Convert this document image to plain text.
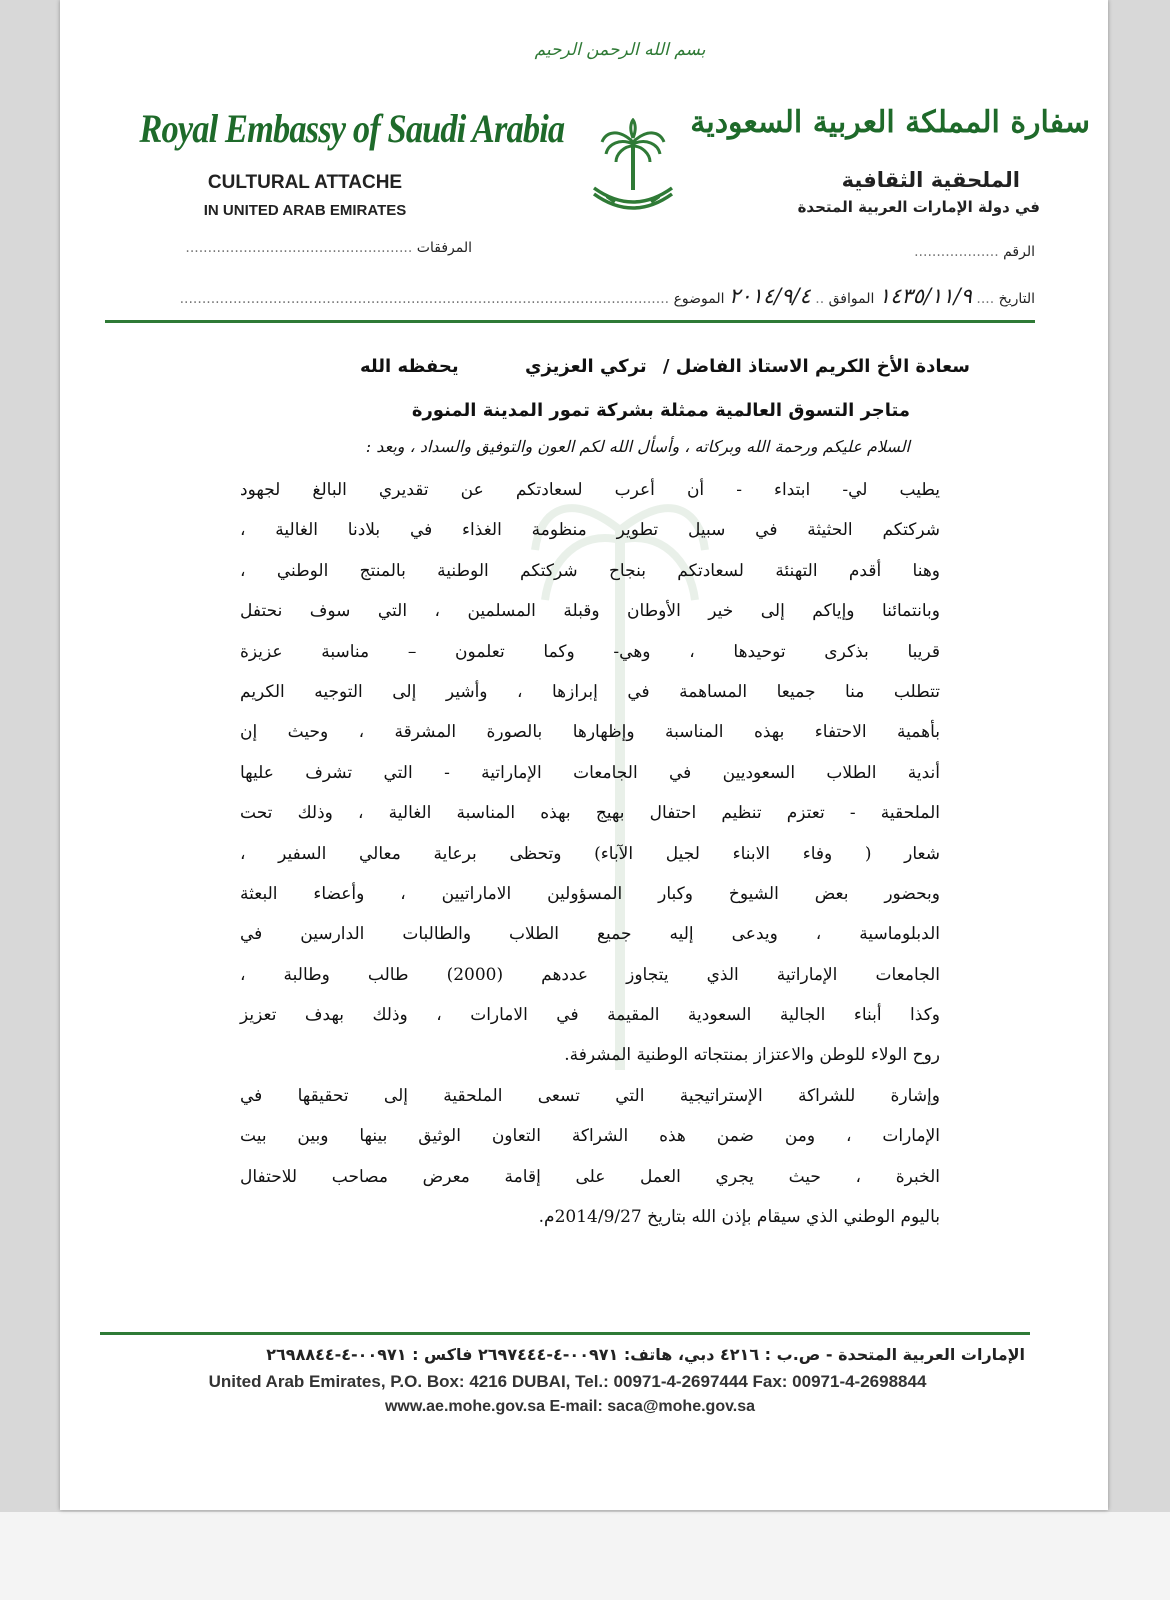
بسم الله الرحمن الرحيم
Royal Embassy of Saudi Arabia
CULTURAL ATTACHE
IN UNITED ARAB EMIRATES
سفارة المملكة العربية السعودية
الملحقية الثقافية
في دولة الإمارات العربية المتحدة
المرفقات ...................................................	الرقم ...................
التاريخ .... ١٤٣٥/١١/٩ الموافق .. ٢٠١٤/٩/٤ الموضوع ..............................................................................................................
سعادة الأخ الكريم الاستاذ الفاضل / تركي العزيزي
يحفظه الله
متاجر التسوق العالمية ممثلة بشركة تمور المدينة المنورة
السلام عليكم ورحمة الله وبركاته ، وأسأل الله لكم العون والتوفيق والسداد ، وبعد :
يطيب لي- ابتداء - أن أعرب لسعادتكم عن تقديري البالغ لجهود
شركتكم الحثيثة في سبيل تطوير منظومة الغذاء في بلادنا الغالية ،
وهنا أقدم التهنئة لسعادتكم بنجاح شركتكم الوطنية بالمنتج الوطني ،
وبانتمائنا وإياكم إلى خير الأوطان وقبلة المسلمين ، التي سوف نحتفل
قريبا بذكرى توحيدها ، وهي- وكما تعلمون – مناسبة عزيزة
تتطلب منا جميعا المساهمة في إبرازها ، وأشير إلى التوجيه الكريم
بأهمية الاحتفاء بهذه المناسبة وإظهارها بالصورة المشرقة ، وحيث إن
أندية الطلاب السعوديين في الجامعات الإماراتية - التي تشرف عليها
الملحقية - تعتزم تنظيم احتفال بهيج بهذه المناسبة الغالية ، وذلك تحت
شعار ( وفاء الابناء لجيل الآباء) وتحظى برعاية معالي السفير ،
وبحضور بعض الشيوخ وكبار المسؤولين الاماراتيين ، وأعضاء البعثة
الدبلوماسية ، ويدعى إليه جميع الطلاب والطالبات الدارسين في
الجامعات الإماراتية الذي يتجاوز عددهم (2000) طالب وطالبة ،
وكذا أبناء الجالية السعودية المقيمة في الامارات ، وذلك بهدف تعزيز
روح الولاء للوطن والاعتزاز بمنتجاته الوطنية المشرفة.
وإشارة للشراكة الإستراتيجية التي تسعى الملحقية إلى تحقيقها في
الإمارات ، ومن ضمن هذه الشراكة التعاون الوثيق بينها وبين بيت
الخبرة ، حيث يجري العمل على إقامة معرض مصاحب للاحتفال
باليوم الوطني الذي سيقام بإذن الله بتاريخ 2014/9/27م.
الإمارات العربية المتحدة - ص.ب : ٤٢١٦ دبي، هاتف: ٠٠٩٧١-٤-٢٦٩٧٤٤٤ فاكس : ٠٠٩٧١-٤-٢٦٩٨٨٤٤
United Arab Emirates, P.O. Box: 4216 DUBAI, Tel.: 00971-4-2697444 Fax: 00971-4-2698844
www.ae.mohe.gov.sa E-mail: saca@mohe.gov.sa
